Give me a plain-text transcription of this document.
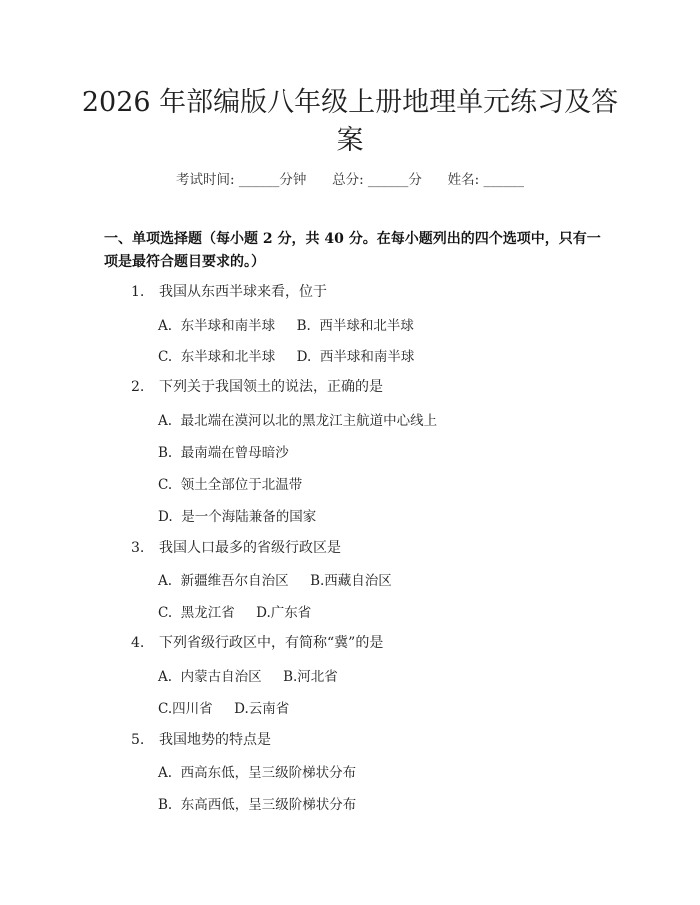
2026 年部编版八年级上册地理单元练习及答
案
考试时间: ______分钟      总分: ______分      姓名: ______
一、单项选择题（每小题 2 分，共 40 分。在每小题列出的四个选项中，只有一项是最符合题目要求的。）
1. 我国从东西半球来看，位于
A.  东半球和南半球     B.  西半球和北半球
C.  东半球和北半球     D.  西半球和南半球
2. 下列关于我国领土的说法，正确的是
A.  最北端在漠河以北的黑龙江主航道中心线上
B.  最南端在曾母暗沙
C.  领土全部位于北温带
D.  是一个海陆兼备的国家
3. 我国人口最多的省级行政区是
A.  新疆维吾尔自治区     B.西藏自治区
C.  黑龙江省     D.广东省
4. 下列省级行政区中，有简称“冀”的是
A.  内蒙古自治区     B.河北省
C.四川省     D.云南省
5. 我国地势的特点是
A.  西高东低，呈三级阶梯状分布
B.  东高西低，呈三级阶梯状分布
